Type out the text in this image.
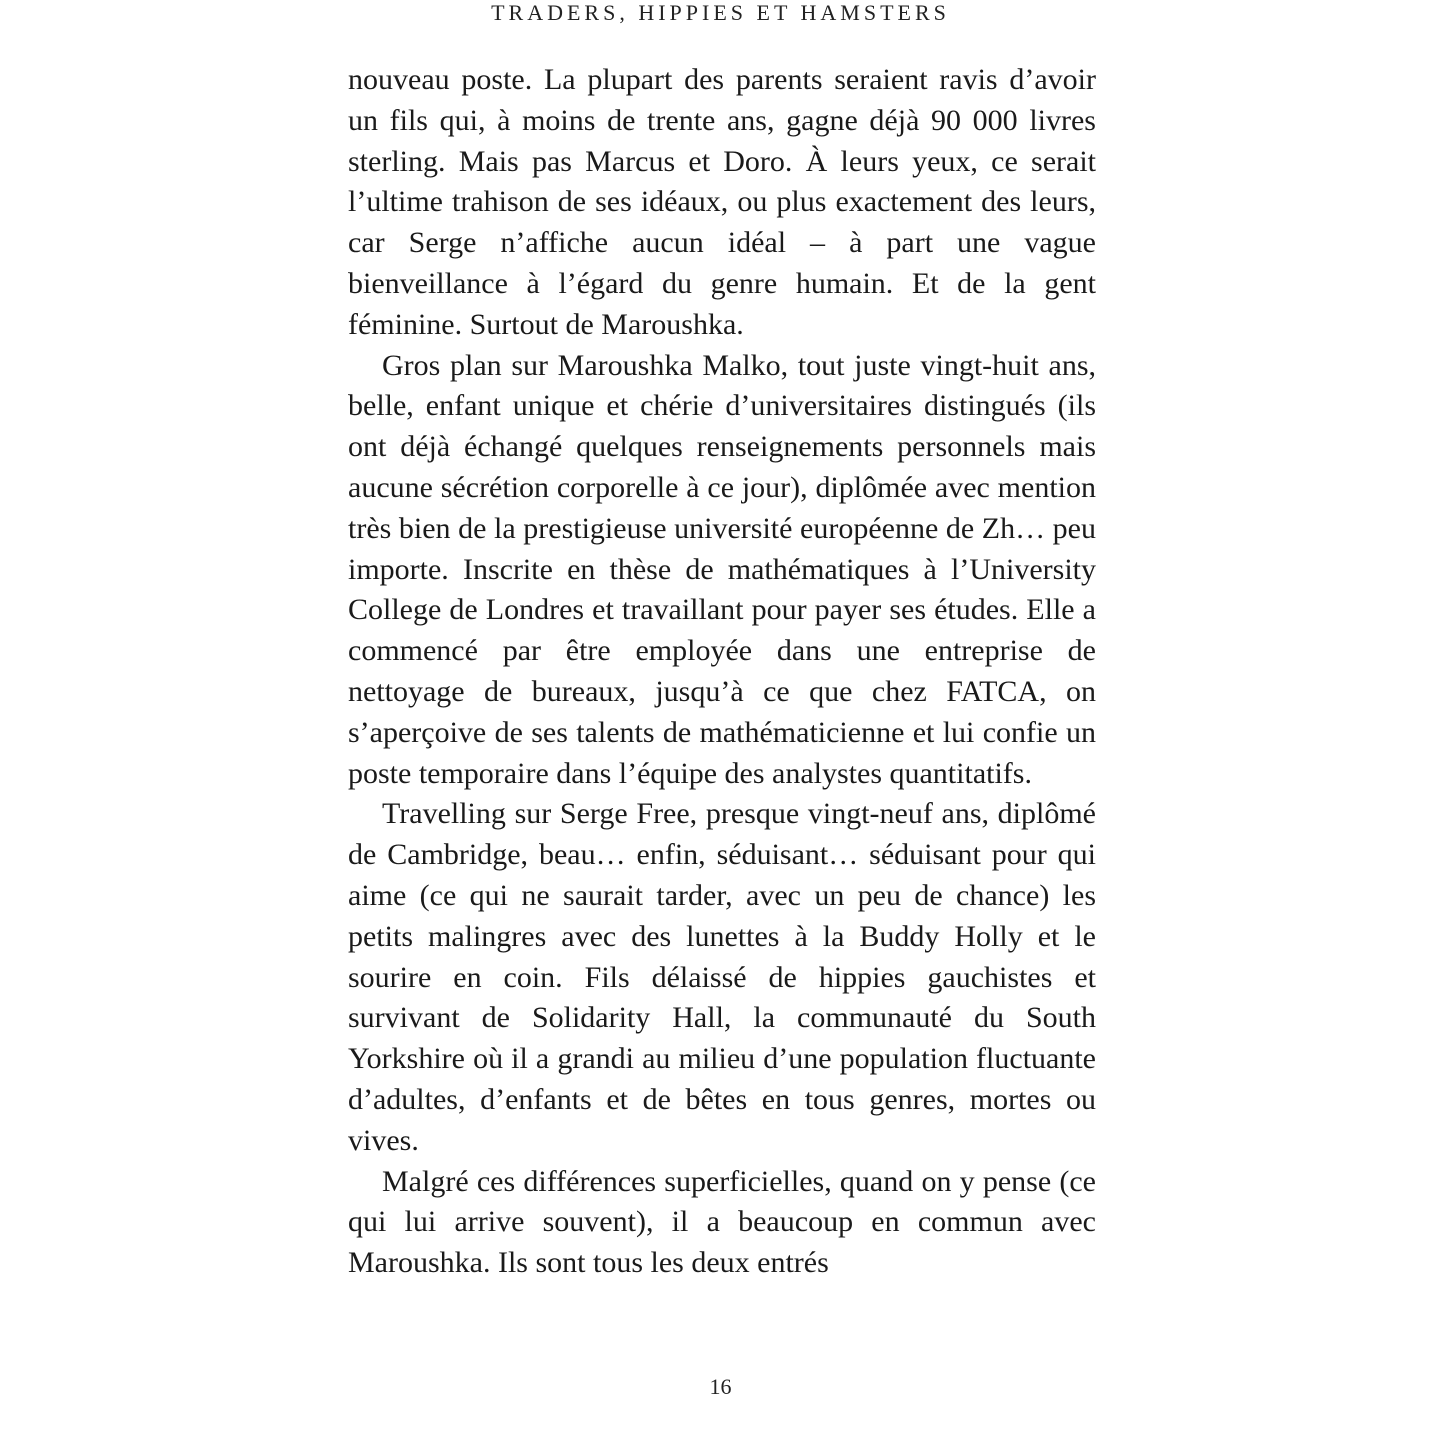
TRADERS, HIPPIES ET HAMSTERS

nouveau poste. La plupart des parents seraient ravis d’avoir un fils qui, à moins de trente ans, gagne déjà 90 000 livres sterling. Mais pas Marcus et Doro. À leurs yeux, ce serait l’ultime trahison de ses idéaux, ou plus exactement des leurs, car Serge n’affiche aucun idéal – à part une vague bienveillance à l’égard du genre humain. Et de la gent féminine. Surtout de Maroushka.

Gros plan sur Maroushka Malko, tout juste vingt-huit ans, belle, enfant unique et chérie d’universitaires distingués (ils ont déjà échangé quelques renseignements personnels mais aucune sécrétion corporelle à ce jour), diplômée avec mention très bien de la prestigieuse université européenne de Zh… peu importe. Inscrite en thèse de mathématiques à l’University College de Londres et travaillant pour payer ses études. Elle a commencé par être employée dans une entreprise de nettoyage de bureaux, jusqu’à ce que chez FATCA, on s’aperçoive de ses talents de mathématicienne et lui confie un poste temporaire dans l’équipe des analystes quantitatifs.

Travelling sur Serge Free, presque vingt-neuf ans, diplômé de Cambridge, beau… enfin, séduisant… séduisant pour qui aime (ce qui ne saurait tarder, avec un peu de chance) les petits malingres avec des lunettes à la Buddy Holly et le sourire en coin. Fils délaissé de hippies gauchistes et survivant de Solidarity Hall, la communauté du South Yorkshire où il a grandi au milieu d’une population fluctuante d’adultes, d’enfants et de bêtes en tous genres, mortes ou vives.

Malgré ces différences superficielles, quand on y pense (ce qui lui arrive souvent), il a beaucoup en commun avec Maroushka. Ils sont tous les deux entrés

16
